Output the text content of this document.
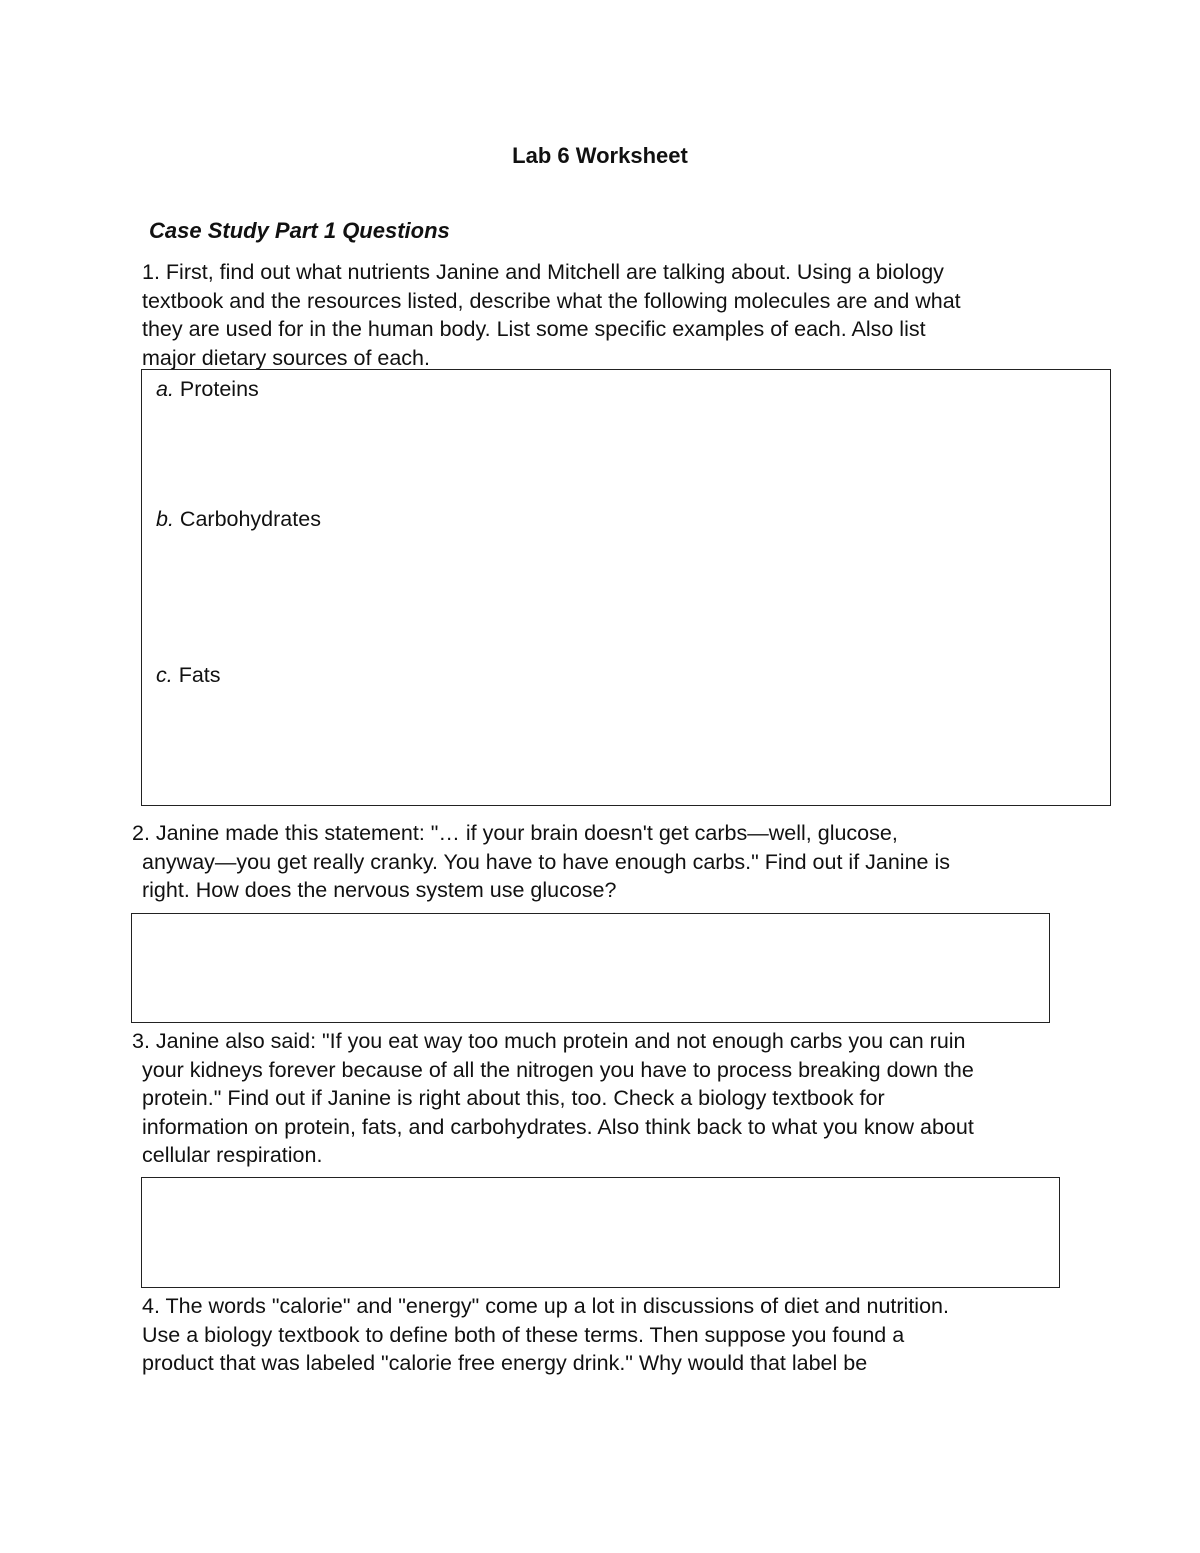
Lab 6 Worksheet
Case Study Part 1 Questions
1. First, find out what nutrients Janine and Mitchell are talking about. Using a biology
textbook and the resources listed, describe what the following molecules are and what
they are used for in the human body. List some specific examples of each. Also list
major dietary sources of each.
a. Proteins
b. Carbohydrates
c. Fats
2. Janine made this statement: "… if your brain doesn't get carbs—well, glucose,
anyway—you get really cranky. You have to have enough carbs." Find out if Janine is
right. How does the nervous system use glucose?
3. Janine also said: "If you eat way too much protein and not enough carbs you can ruin
your kidneys forever because of all the nitrogen you have to process breaking down the
protein." Find out if Janine is right about this, too. Check a biology textbook for
information on protein, fats, and carbohydrates. Also think back to what you know about
cellular respiration.
4. The words "calorie" and "energy" come up a lot in discussions of diet and nutrition.
Use a biology textbook to define both of these terms. Then suppose you found a
product that was labeled "calorie free energy drink." Why would that label be
